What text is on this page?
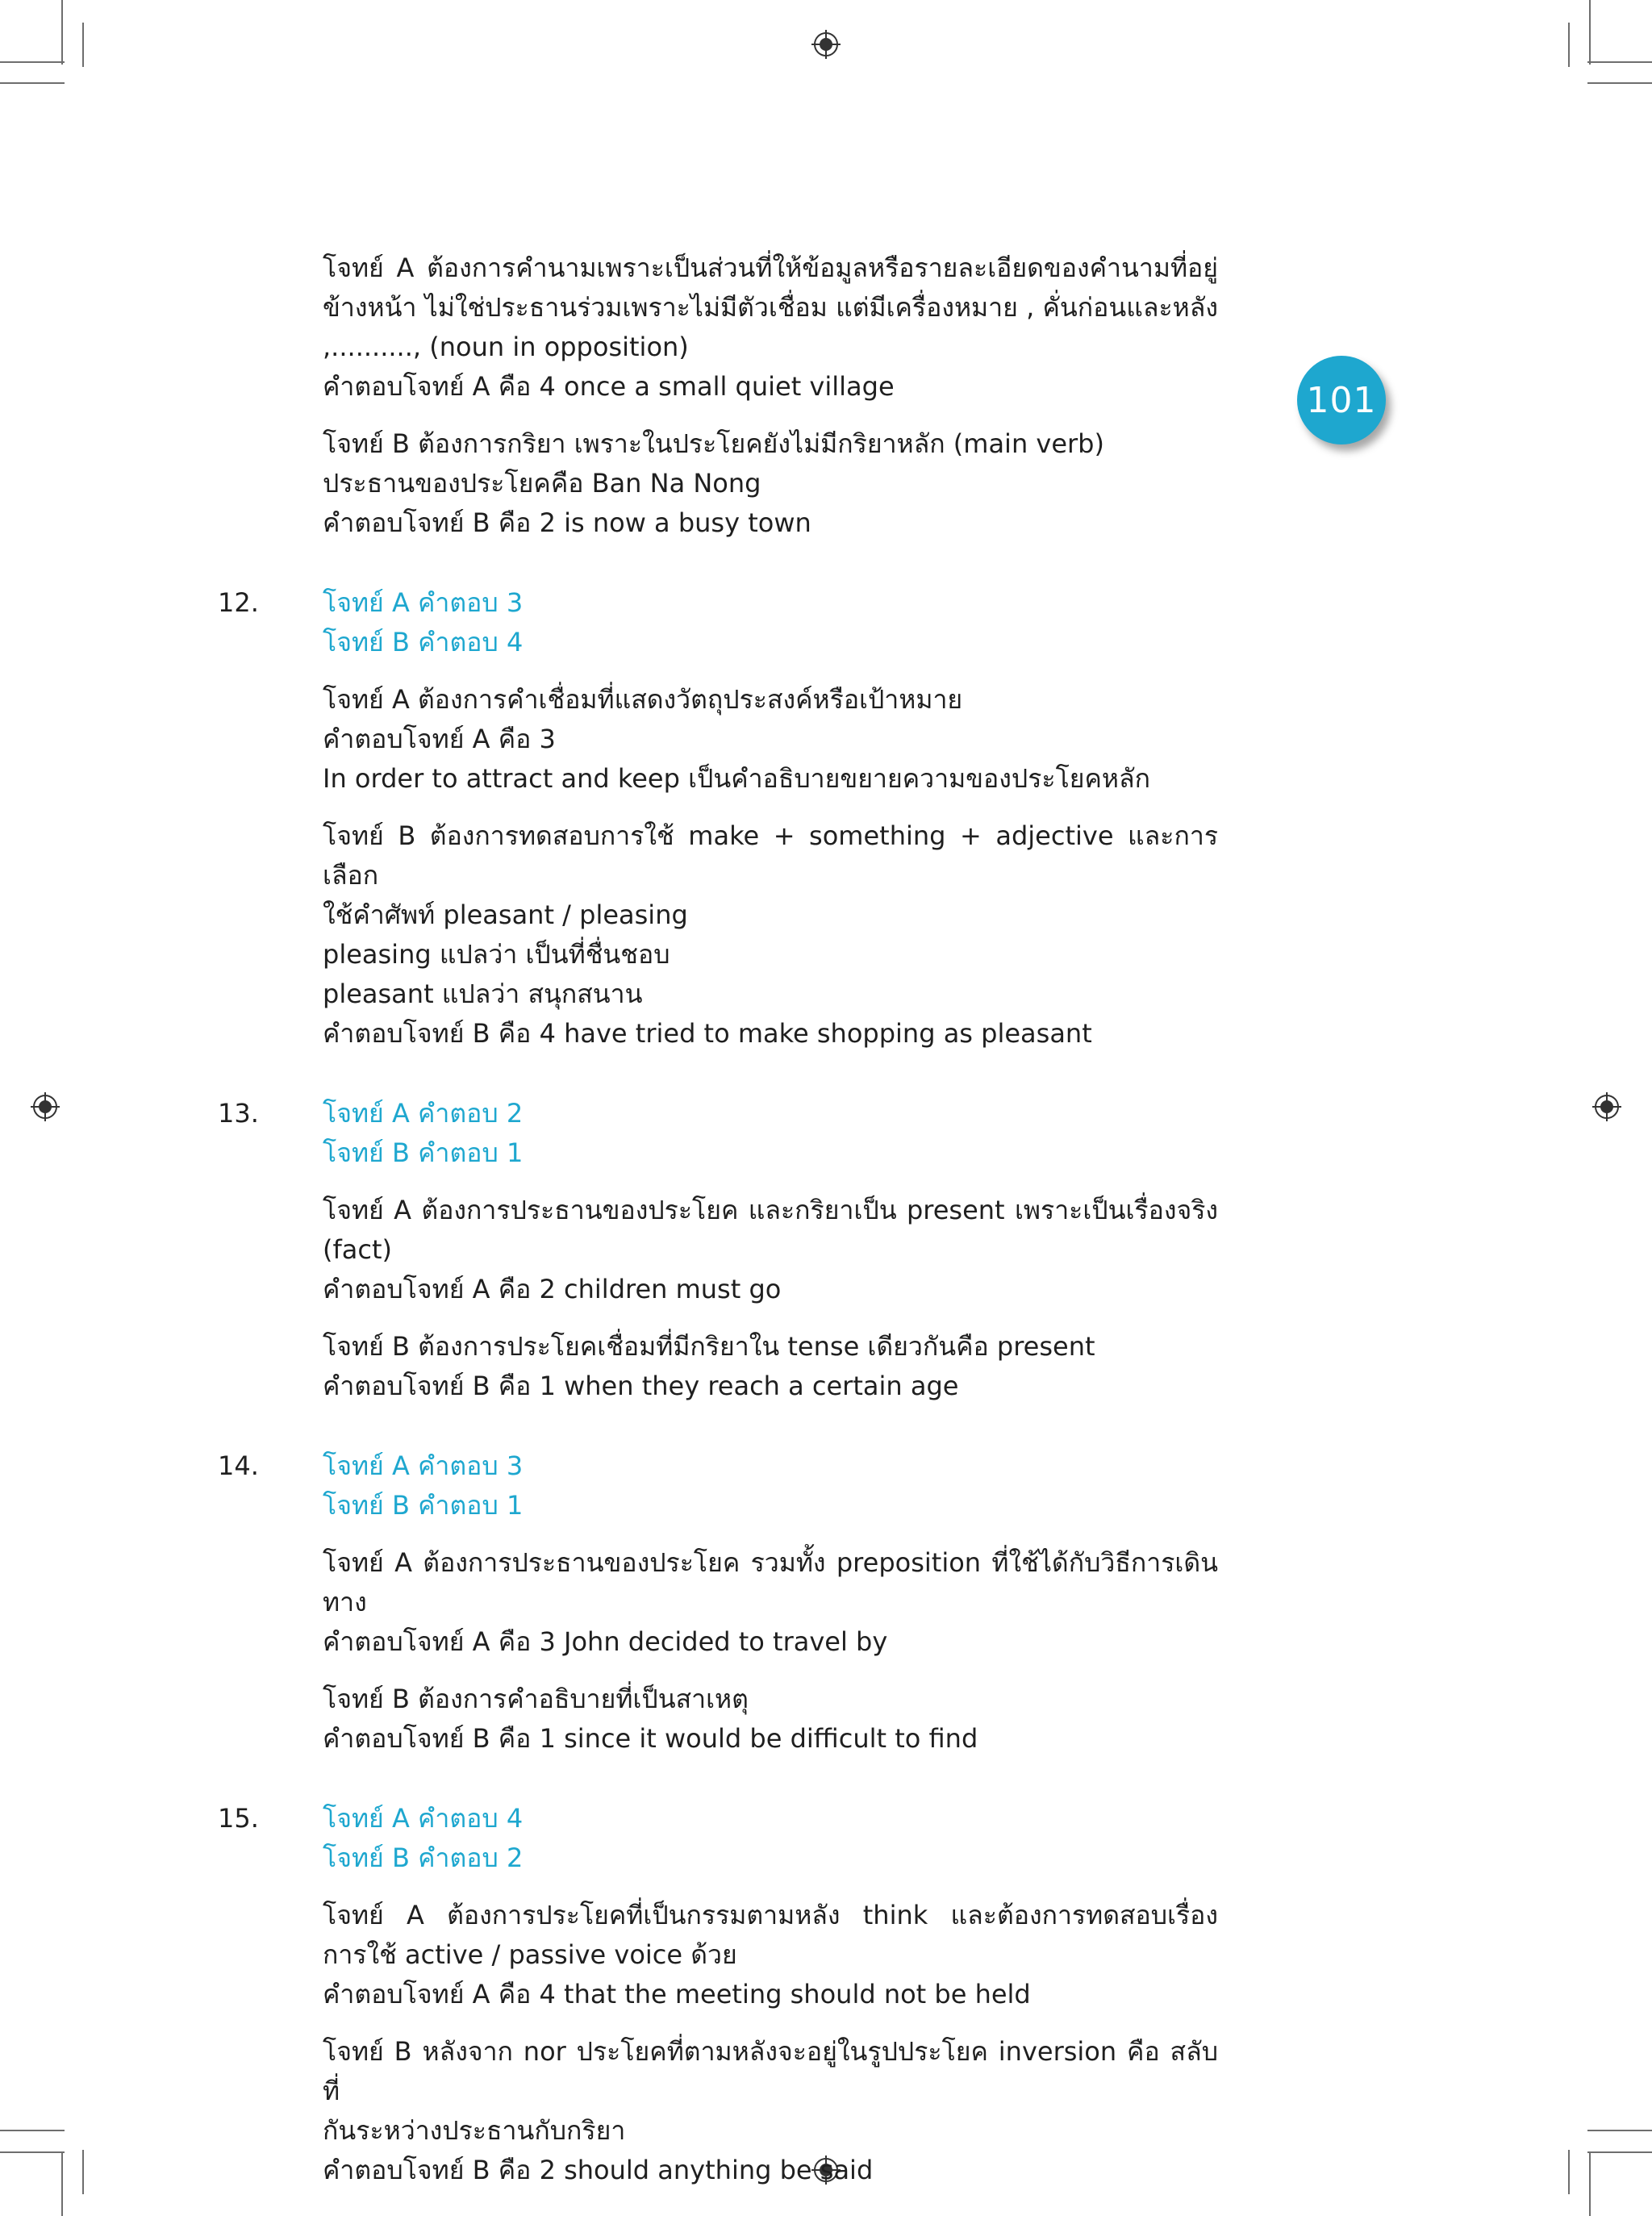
101
โจทย์ A ต้องการคำนามเพราะเป็นส่วนที่ให้ข้อมูลหรือรายละเอียดของคำนามที่อยู่
ข้างหน้า ไม่ใช่ประธานร่วมเพราะไม่มีตัวเชื่อม แต่มีเครื่องหมาย , คั่นก่อนและหลัง
,.........., (noun in opposition)
คำตอบโจทย์ A คือ 4 once a small quiet village
โจทย์ B ต้องการกริยา เพราะในประโยคยังไม่มีกริยาหลัก (main verb)
ประธานของประโยคคือ Ban Na Nong
คำตอบโจทย์ B คือ 2 is now a busy town
12. โจทย์ A คำตอบ 3
โจทย์ B คำตอบ 4
โจทย์ A ต้องการคำเชื่อมที่แสดงวัตถุประสงค์หรือเป้าหมาย
คำตอบโจทย์ A คือ 3
In order to attract and keep เป็นคำอธิบายขยายความของประโยคหลัก
โจทย์ B ต้องการทดสอบการใช้ make + something + adjective และการเลือก
ใช้คำศัพท์ pleasant / pleasing
pleasing แปลว่า เป็นที่ชื่นชอบ
pleasant แปลว่า สนุกสนาน
คำตอบโจทย์ B คือ 4 have tried to make shopping as pleasant
13. โจทย์ A คำตอบ 2
โจทย์ B คำตอบ 1
โจทย์ A ต้องการประธานของประโยค และกริยาเป็น present เพราะเป็นเรื่องจริง
(fact)
คำตอบโจทย์ A คือ 2 children must go
โจทย์ B ต้องการประโยคเชื่อมที่มีกริยาใน tense เดียวกันคือ present
คำตอบโจทย์ B คือ 1 when they reach a certain age
14. โจทย์ A คำตอบ 3
โจทย์ B คำตอบ 1
โจทย์ A ต้องการประธานของประโยค รวมทั้ง preposition ที่ใช้ได้กับวิธีการเดินทาง
คำตอบโจทย์ A คือ 3 John decided to travel by
โจทย์ B ต้องการคำอธิบายที่เป็นสาเหตุ
คำตอบโจทย์ B คือ 1 since it would be difficult to find
15. โจทย์ A คำตอบ 4
โจทย์ B คำตอบ 2
โจทย์ A ต้องการประโยคที่เป็นกรรมตามหลัง think และต้องการทดสอบเรื่อง
การใช้ active / passive voice ด้วย
คำตอบโจทย์ A คือ 4 that the meeting should not be held
โจทย์ B หลังจาก nor ประโยคที่ตามหลังจะอยู่ในรูปประโยค inversion คือ สลับที่
กันระหว่างประธานกับกริยา
คำตอบโจทย์ B คือ 2 should anything be said
